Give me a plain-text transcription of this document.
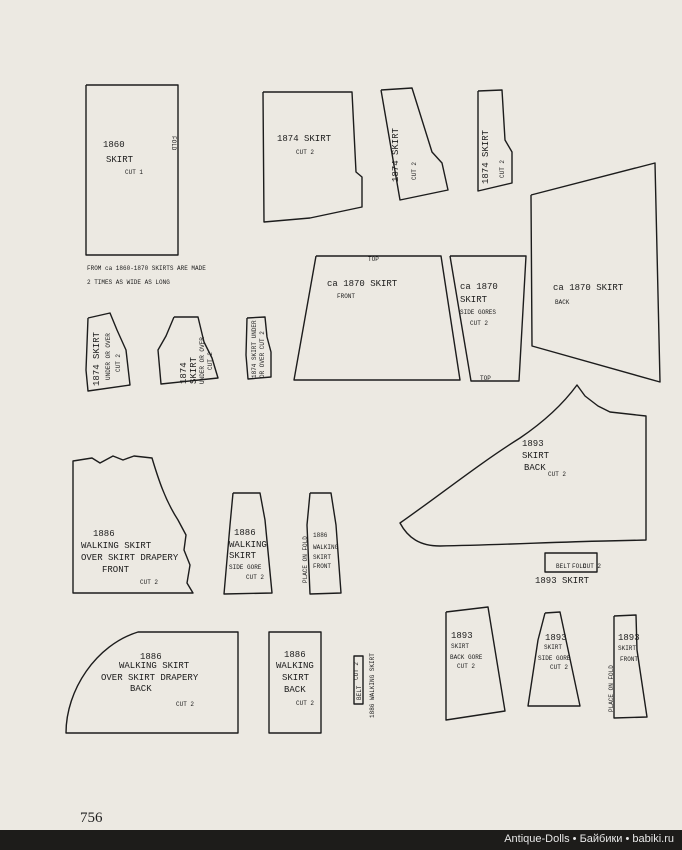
1860
SKIRT
CUT 1
FOLD	1874 SKIRT
CUT 2	1874 SKIRT CUT 2	1874 SKIRT CUT 2
FROM ca 1860-1870 SKIRTS ARE MADE
2 TIMES AS WIDE AS LONG
TOP
ca 1870 SKIRT
FRONT
ca 1870
SKIRT
SIDE GORES
CUT 2
TOP
ca 1870 SKIRT
BACK
1874 SKIRT UNDER OR OVER CUT 2	1874 SKIRT UNDER OR OVER CUT 2	1874 SKIRT UNDER OR OVER CUT 2
1893
SKIRT
BACK
CUT 2
1886
WALKING SKIRT
OVER SKIRT DRAPERY
FRONT
CUT 2
1886
WALKING
SKIRT
SIDE GORE
CUT 2	PLACE ON FOLD
1886
WALKING
SKIRT
FRONT	BELT FOLD
CUT 2
1893 SKIRT
1886
WALKING SKIRT
OVER SKIRT DRAPERY
BACK
CUT 2
1886
WALKING
SKIRT
BACK
CUT 2
BELT
CUT 2 1886 WALKING SKIRT
1893
SKIRT
BACK GORE
CUT 2
1893
SKIRT
SIDE GORE
CUT 2
1893
SKIRT
FRONT
PLACE ON FOLD
756
Antique-Dolls • Байбики • babiki.ru
